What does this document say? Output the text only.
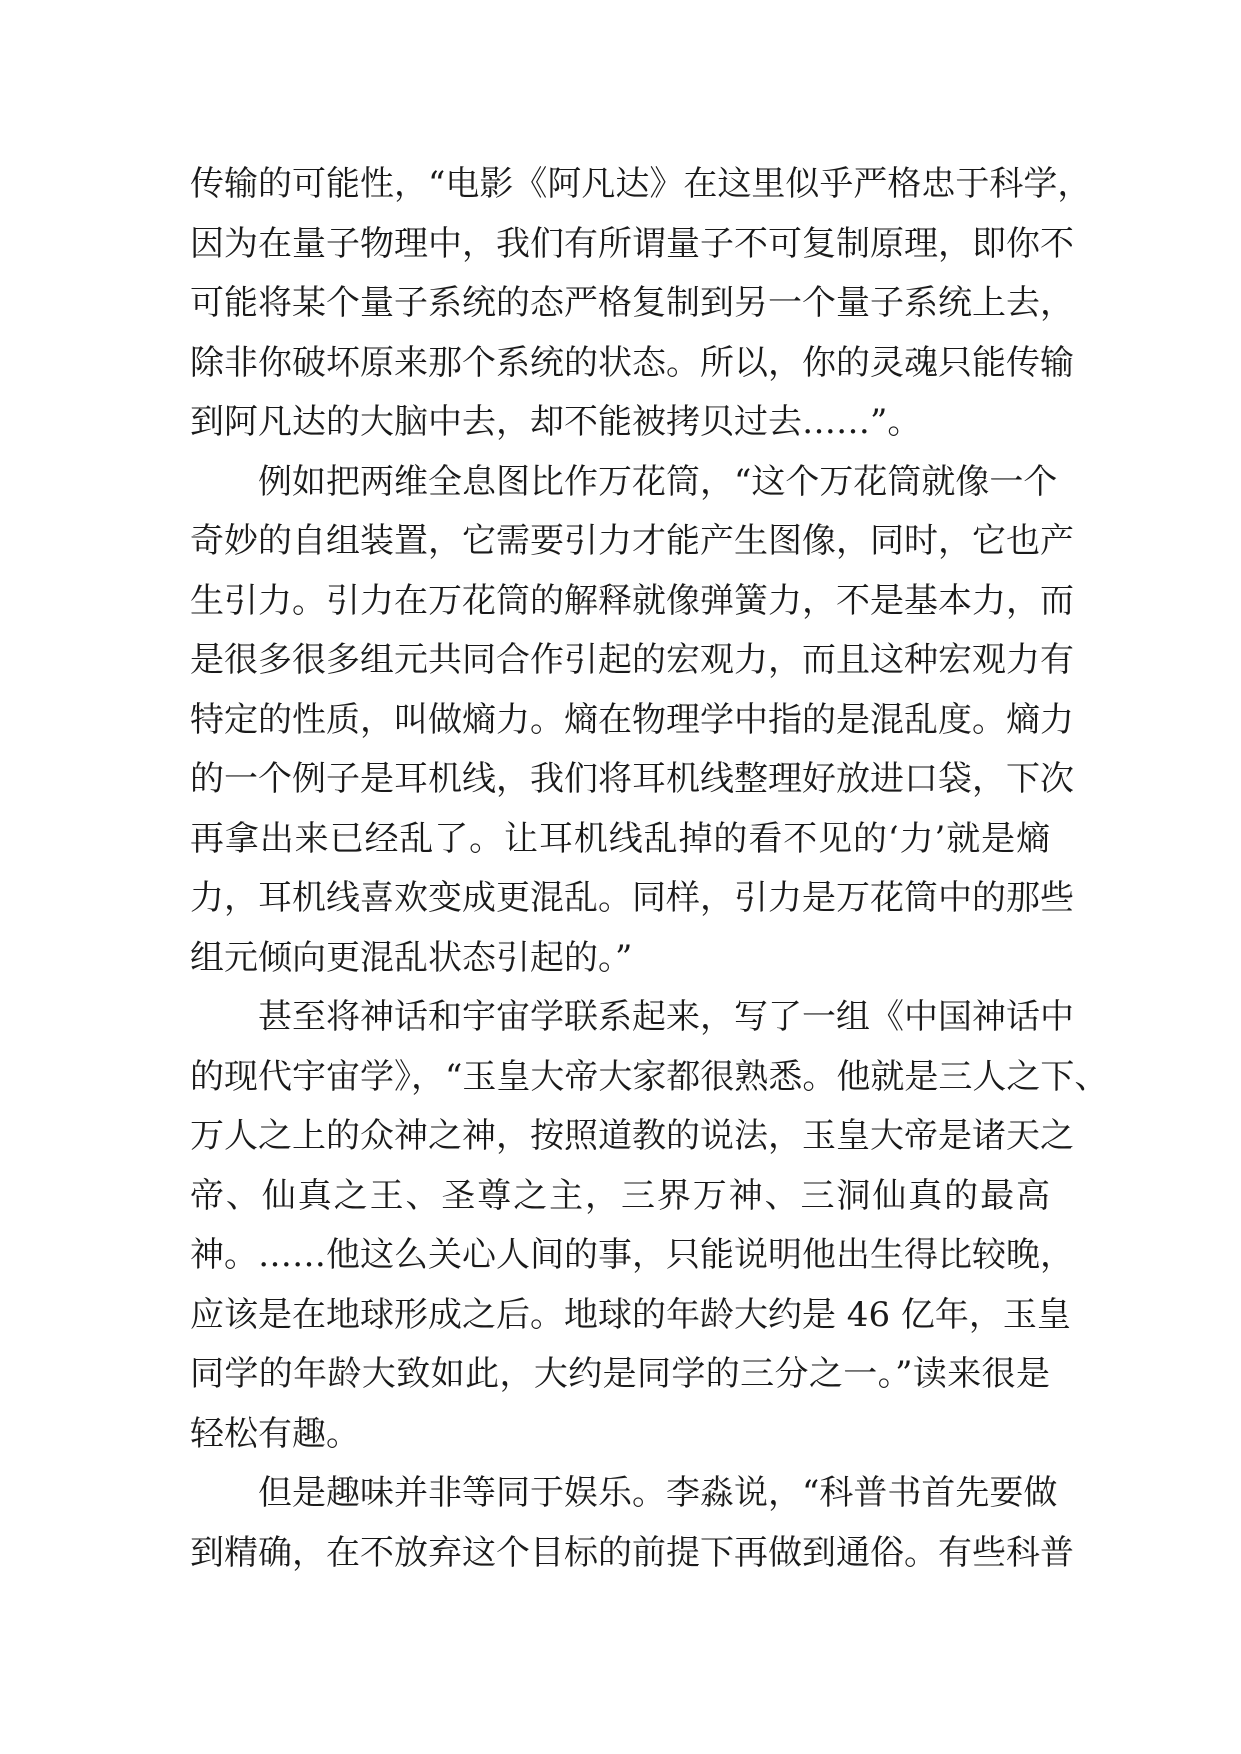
传输的可能性，“电影《阿凡达》在这里似乎严格忠于科学，
因为在量子物理中，我们有所谓量子不可复制原理，即你不
可能将某个量子系统的态严格复制到另一个量子系统上去，
除非你破坏原来那个系统的状态。所以，你的灵魂只能传输
到阿凡达的大脑中去，却不能被拷贝过去……”。
例如把两维全息图比作万花筒，“这个万花筒就像一个
奇妙的自组装置，它需要引力才能产生图像，同时，它也产
生引力。引力在万花筒的解释就像弹簧力，不是基本力，而
是很多很多组元共同合作引起的宏观力，而且这种宏观力有
特定的性质，叫做熵力。熵在物理学中指的是混乱度。熵力
的一个例子是耳机线，我们将耳机线整理好放进口袋，下次
再拿出来已经乱了。让耳机线乱掉的看不见的‘力’就是熵
力，耳机线喜欢变成更混乱。同样，引力是万花筒中的那些
组元倾向更混乱状态引起的。”
甚至将神话和宇宙学联系起来，写了一组《中国神话中
的现代宇宙学》，“玉皇大帝大家都很熟悉。他就是三人之下、
万人之上的众神之神，按照道教的说法，玉皇大帝是诸天之
帝、仙真之王、圣尊之主，三界万神、三洞仙真的最高
神。……他这么关心人间的事，只能说明他出生得比较晚，
应该是在地球形成之后。地球的年龄大约是 46 亿年，玉皇
同学的年龄大致如此，大约是同学的三分之一。”读来很是
轻松有趣。
但是趣味并非等同于娱乐。李淼说，“科普书首先要做
到精确，在不放弃这个目标的前提下再做到通俗。有些科普
